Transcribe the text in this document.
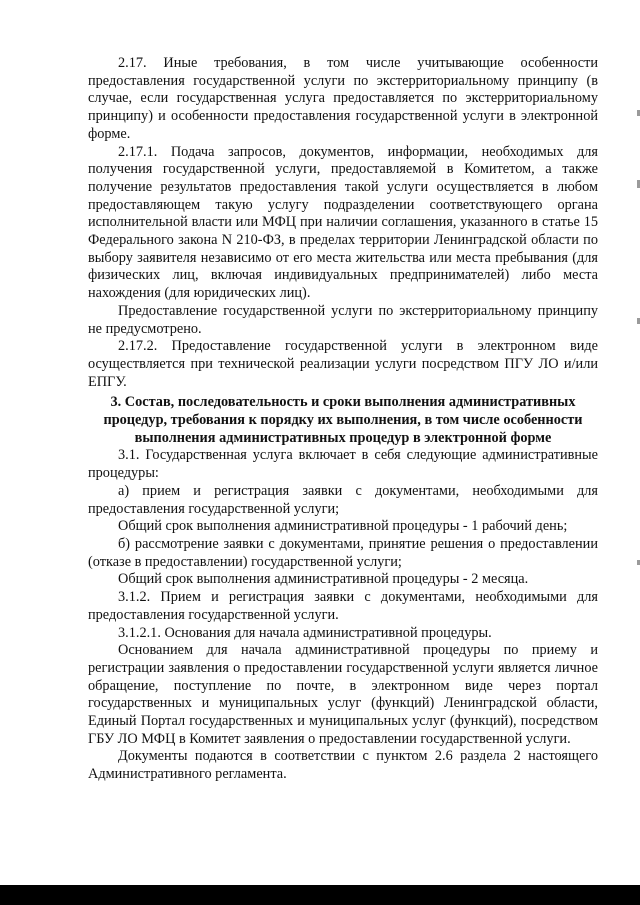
2.17. Иные требования, в том числе учитывающие особенности предоставления государственной услуги по экстерриториальному принципу (в случае, если государственная услуга предоставляется по экстерриториальному принципу) и особенности предоставления государственной услуги в электронной форме.

2.17.1. Подача запросов, документов, информации, необходимых для получения государственной услуги, предоставляемой в Комитетом, а также получение результатов предоставления такой услуги осуществляется в любом предоставляющем такую услугу подразделении соответствующего органа исполнительной власти или МФЦ при наличии соглашения, указанного в статье 15 Федерального закона N 210-ФЗ, в пределах территории Ленинградской области по выбору заявителя независимо от его места жительства или места пребывания (для физических лиц, включая индивидуальных предпринимателей) либо места нахождения (для юридических лиц).

Предоставление государственной услуги по экстерриториальному принципу не предусмотрено.

2.17.2. Предоставление государственной услуги в электронном виде осуществляется при технической реализации услуги посредством ПГУ ЛО и/или ЕПГУ.

3. Состав, последовательность и сроки выполнения административных процедур, требования к порядку их выполнения, в том числе особенности выполнения административных процедур в электронной форме

3.1. Государственная услуга включает в себя следующие административные процедуры:

а) прием и регистрация заявки с документами, необходимыми для предоставления государственной услуги;

Общий срок выполнения административной процедуры - 1 рабочий день;

б) рассмотрение заявки с документами, принятие решения о предоставлении (отказе в предоставлении) государственной услуги;

Общий срок выполнения административной процедуры - 2 месяца.

3.1.2. Прием и регистрация заявки с документами, необходимыми для предоставления государственной услуги.

3.1.2.1. Основания для начала административной процедуры.

Основанием для начала административной процедуры по приему и регистрации заявления о предоставлении государственной услуги является личное обращение, поступление по почте, в электронном виде через портал государственных и муниципальных услуг (функций) Ленинградской области, Единый Портал государственных и муниципальных услуг (функций), посредством ГБУ ЛО МФЦ в Комитет заявления о предоставлении государственной услуги.

Документы подаются в соответствии с пунктом 2.6 раздела 2 настоящего Административного регламента.
